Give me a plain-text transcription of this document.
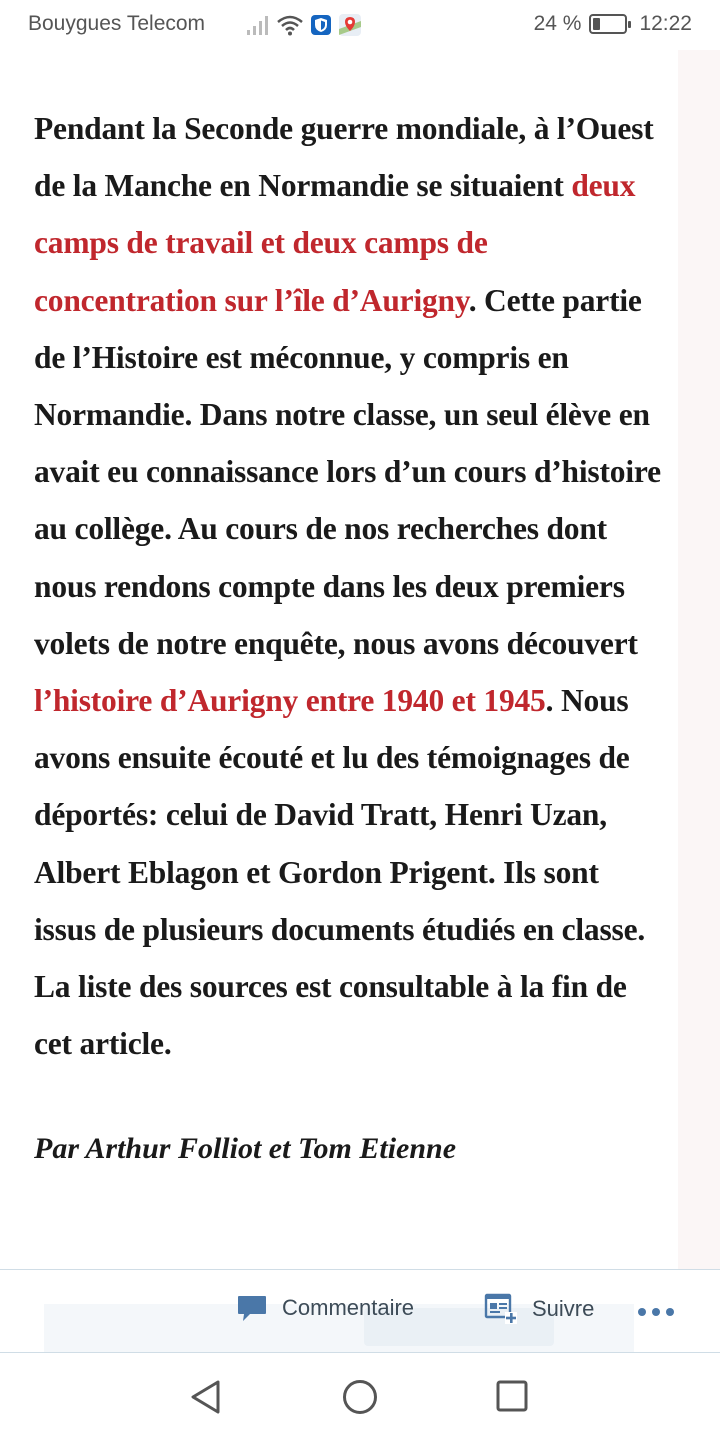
Bouygues Telecom	24 %	12:22

Pendant la Seconde guerre mondiale, à l’Ouest de la Manche en Normandie se situaient deux camps de travail et deux camps de concentration sur l’île d’Aurigny. Cette partie de l’Histoire est méconnue, y compris en Normandie. Dans notre classe, un seul élève en avait eu connaissance lors d’un cours d’histoire au collège. Au cours de nos recherches dont nous rendons compte dans les deux premiers volets de notre enquête, nous avons découvert l’histoire d’Aurigny entre 1940 et 1945. Nous avons ensuite écouté et lu des témoignages de déportés: celui de David Tratt, Henri Uzan, Albert Eblagon et Gordon Prigent. Ils sont issus de plusieurs documents étudiés en classe. La liste des sources est consultable à la fin de cet article.

Par Arthur Folliot et Tom Etienne

Commentaire	Suivre
